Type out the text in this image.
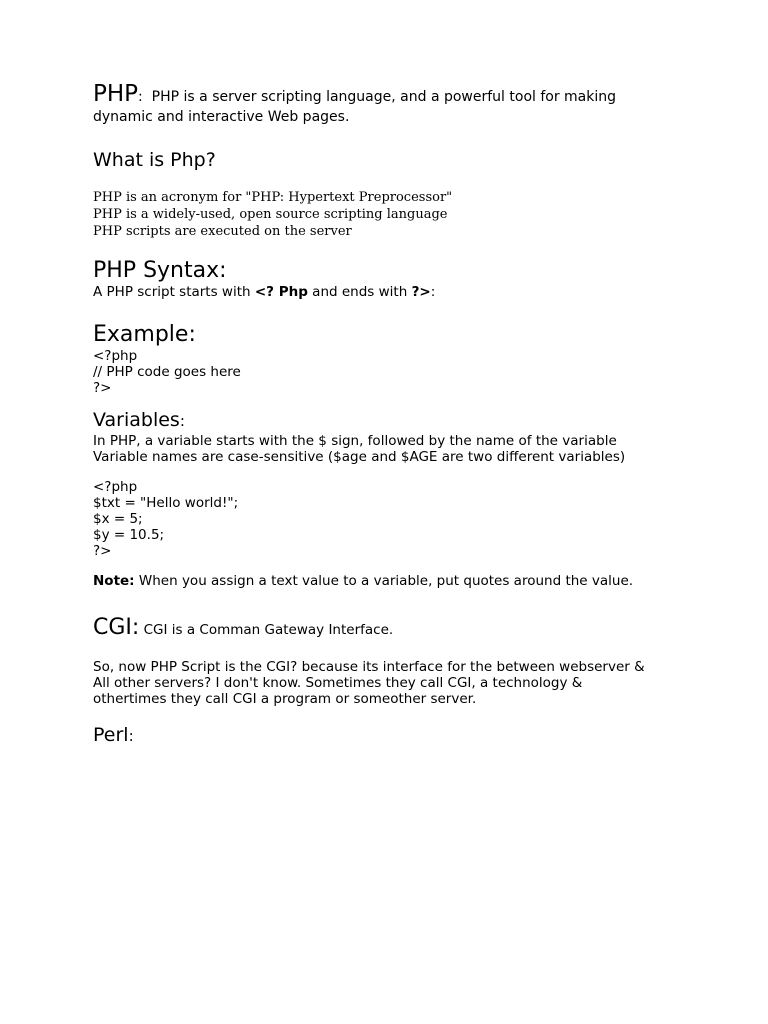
PHP:  PHP is a server scripting language, and a powerful tool for making
dynamic and interactive Web pages.

What is Php?
PHP is an acronym for "PHP: Hypertext Preprocessor"
PHP is a widely-used, open source scripting language
PHP scripts are executed on the server
PHP Syntax:

A PHP script starts with <? Php and ends with ?>:

Example:
<?php
// PHP code goes here
?>
Variables:
In PHP, a variable starts with the $ sign, followed by the name of the variable
Variable names are case-sensitive ($age and $AGE are two different variables)
<?php
$txt = "Hello world!";
$x = 5;
$y = 10.5;
?>

Note: When you assign a text value to a variable, put quotes around the value.

CGI: CGI is a Comman Gateway Interface.

So, now PHP Script is the CGI? because its interface for the between webserver &
All other servers? I don't know. Sometimes they call CGI, a technology &
othertimes they call CGI a program or someother server.
Perl:
